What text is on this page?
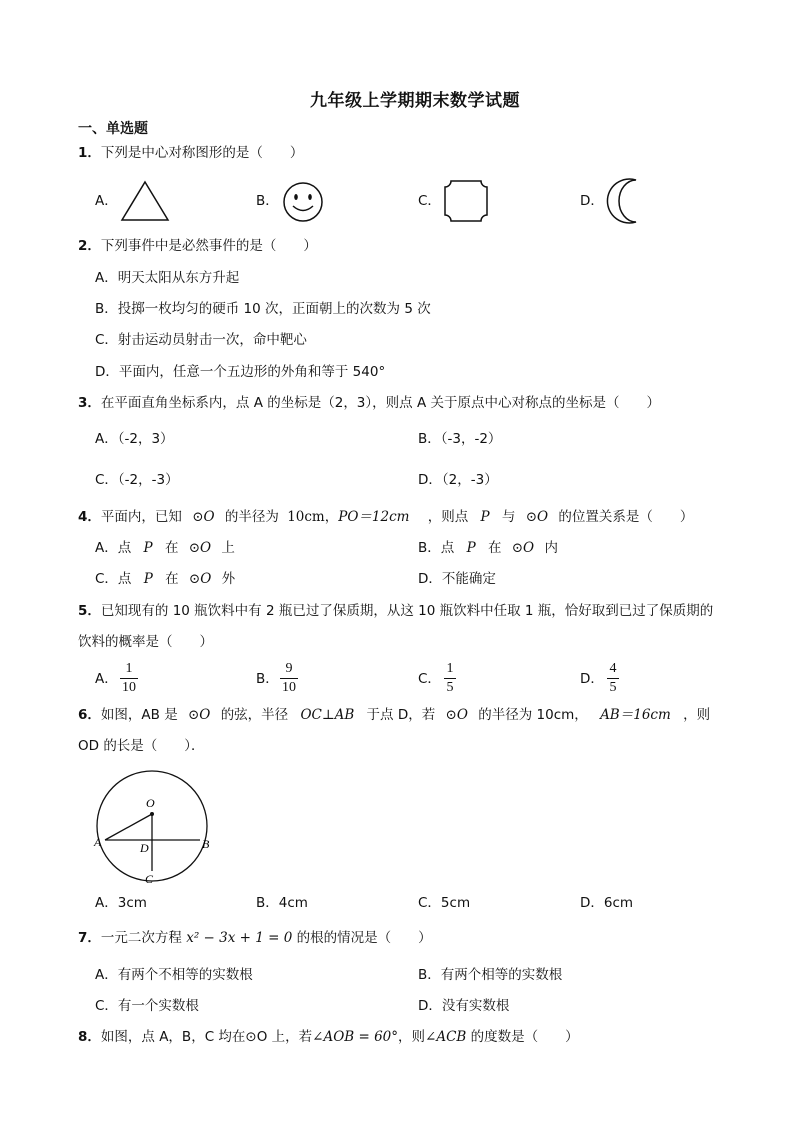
九年级上学期期末数学试题
一、单选题
1．下列是中心对称图形的是（　　）
A．	B．	C．	D．
2．下列事件中是必然事件的是（　　）
A．明天太阳从东方升起
B．投掷一枚均匀的硬币 10 次，正面朝上的次数为 5 次
C．射击运动员射击一次，命中靶心
D．平面内，任意一个五边形的外角和等于 540°
3．在平面直角坐标系内，点 A 的坐标是（2，3），则点 A 关于原点中心对称点的坐标是（　　）
A．（-2，3）	B．（-3，-2）
C．（-2，-3）	D．（2，-3）
4．平面内，已知 ⊙O 的半径为 10cm，PO＝12cm ，则点 P 与 ⊙O 的位置关系是（　　）
A．点 P 在 ⊙O 上	B．点 P 在 ⊙O 内
C．点 P 在 ⊙O 外	D．不能确定
5．已知现有的 10 瓶饮料中有 2 瓶已过了保质期，从这 10 瓶饮料中任取 1 瓶，恰好取到已过了保质期的
饮料的概率是（　　）
A．
1
10
B．
9
10
C．
1
5
D．
4
5
6．如图，AB 是 ⊙O 的弦，半径 OC⊥AB 于点 D，若 ⊙O 的半径为 10cm， AB＝16cm ，则
OD 的长是（　　）．
O
A	B
D
C
A．3cm	B．4cm	C．5cm	D．6cm
7．一元二次方程 x² − 3x + 1 = 0 的根的情况是（　　）
A．有两个不相等的实数根	B．有两个相等的实数根
C．有一个实数根	D．没有实数根
8．如图，点 A，B，C 均在⊙O 上，若∠AOB = 60°，则∠ACB 的度数是（　　）
